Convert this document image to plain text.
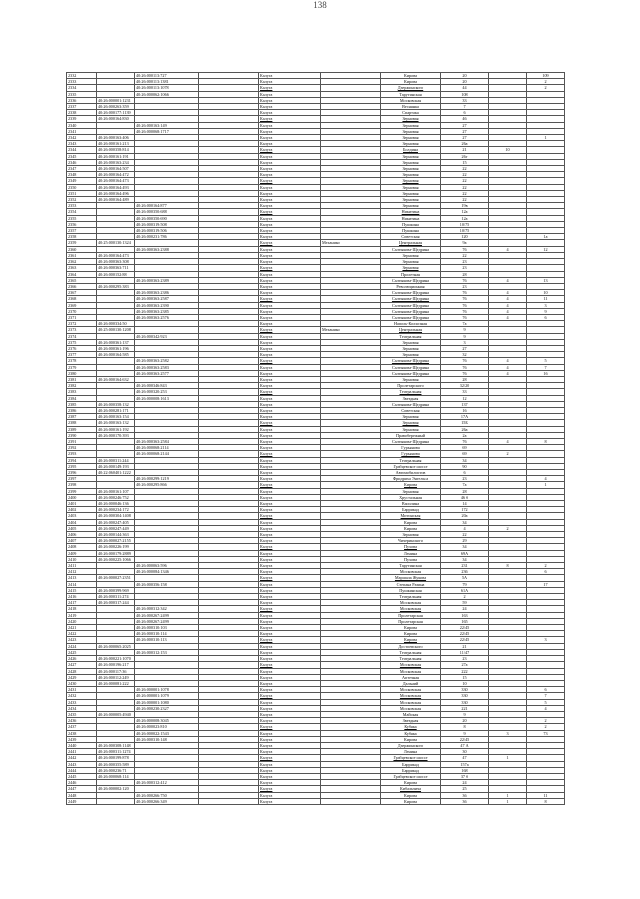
138
2332		40:26:000113:727		Калуга		Кирова	20		109
2333		40:26:000113:1381		Калуга		Кирова	20		2
2334		40:26:000113:1078		Калуга		Дзержинского	44		2
2335		40:26:000062:1066		Калуга		Тарутинская	108		
2336	40:26:000001:1231			Калуга		Московская	33		
2337	40:26:000263:359			Калуга		Веснянка	7		
2338	40:26:000177:1139			Калуга		Спартака	6		
2339	40:26:000164:830			Калуга		Зерновая	46		
2340		40:26:000163:149		Калуга		Зерновая	27		
2341		40:26:000068:1717		Калуга		Зерновая	27		
2342	40:26:000163:406			Калуга		Зерновая	27		1
2343	40:26:000161:213			Калуга		Зерновая	26а		
2344	40:26:000358:814			Калуга		Болдина	21	10	
2345	40:26:000161:191			Калуга		Зерновая	26г		
2346	40:26:000163:234			Калуга		Зерновая	15		
2347	40:26:000164:507			Калуга		Зерновая	22		
2348	40:26:000164:472			Калуга		Зерновая	22		
2349	40:26:000164:473			Калуга		Зерновая	22		
2350	40:26:000164:493			Калуга		Зерновая	22		
2351	40:26:000164:496			Калуга		Зерновая	22		
2352	40:26:000164:489			Калуга		Зерновая	22		
2353		40:26:000164:877		Калуга		Зерновая	19в		
2354		40:26:000350:688		Калуга		Никитина	12а		
2355		40:26:000350:690		Калуга		Никитина	12а		
2356		40:26:000319:508		Калуга		Пушкина	10/75		
2357		40:26:000319:506		Калуга		Пушкина	10/75		
2358		40:26:000231:786		Калуга		Советская	120		1а
2359	40:25:000130:1324			Калуга	Механико	Центральная	9а		
2360		40:26:000363:2388		Калуга		Салтыкова-Щедрина	76	4	12
2361	40:26:000164:473			Калуга		Зерновая	22		
2362	40:26:000363:308			Калуга		Зерновая	23		
2363	40:26:000363:711			Калуга		Зерновая	23		
2364	40:26:000152:88			Калуга		Пролетная	28		
2365		40:26:000363:2389		Калуга		Салтыкова-Щедрина	76	4	13
2366	40:26:000295:383			Калуга		Революционная	23		
2367		40:26:000363:2386		Калуга		Салтыкова-Щедрина	76	4	10
2368		40:26:000363:2587		Калуга		Салтыкова-Щедрина	76	4	11
2369		40:26:000363:2390		Калуга		Салтыкова-Щедрина	76	4	3
2370		40:26:000363:2385		Калуга		Салтыкова-Щедрина	76	4	9
2371		40:26:000363:2576		Калуга		Салтыкова-Щедрина	76	4	6
2372	40:26:000334:50			Калуга		Наполь-Колхозная	7а		
2373	40:25:000130:1208			Калуга	Механико	Центральная	9		
2374		40:26:000342:923		Калуга		Театральная	9		
2375	40:26:000361:137			Калуга		Зерновая	3		
2376	40:26:000361:196			Калуга		Зерновая	27		
2377	40:26:000164:585			Калуга		Зерновая	32		
2378		40:26:000363:2582		Калуга		Салтыкова-Щедрина	76	4	5
2379		40:26:000363:2583		Калуга		Салтыкова-Щедрина	76	4	7
2380		40:26:000363:2577		Калуга		Салтыкова-Щедрина	76	4	16
2381	40:26:000164:632			Калуга		Зерновая	28		
2382		40:26:000346:843		Калуга		Пролетарского	32/20		
2383		40:26:000320:253		Калуга		Театральная	33		
2384		40:26:000008:1613		Калуга		Звездная	12		
2385	40:26:000358:132			Калуга		Салтыкова-Щедрина	137		
2386	40:26:000281:171			Калуга		Советская	16		
2387	40:26:000163:154			Калуга		Зерновая	17А		
2388	40:26:000163:132			Калуга		Зерновая	15Б		
2389	40:26:000161:192			Калуга		Зерновая	26а		
2390	40:26:000170:393			Калуга		Правобережный	2а		
2391		40:26:000363:2584		Калуга		Салтыкова-Щедрина	76	4	8
2392		40:26:000068:2114		Калуга		Гурьянова	69		
2393		40:26:000068:2144		Калуга		Гурьянова	69	2	
2394	40:26:000311:244			Калуга		Театральная	34		
2395	40:26:000149:193			Калуга		Грабцевское шоссе	90		
2396	40:22:060401:1222			Калуга		Автомобилистов	6		
2397		40:26:000299:1219		Калуга		Фридриха Энгельса	23		4
2398		40:26:000295:866		Калуга		Кирова	7а		1
2399	40:26:000161:107			Калуга		Зерновая	28		
2400	40:26:000246:752			Калуга		Хрустальная	46 б		
2401	40:26:000046:136			Калуга		Василина	14		
2402	40:26:000234:172			Калуга		Баррикад	172		
2403	40:26:000304:1408			Калуга		Митинская	20а		
2404	40:26:000247:405			Калуга		Кирова	34		
2405	40:26:000247:449			Калуга		Кирова	4	2	
2406	40:26:000144:363			Калуга		Зерновая	22		
2407	40:26:000027:2155			Калуга		Чичеринского	29		
2408	40:26:000226:199			Калуга		Пухова	34		
2409	40:26:000179:2889			Калуга		Ленина	69А		
2410	40:26:000225:1066			Калуга		Пухова	34		
2411		40:26:000063:596		Калуга		Тарутинская	231	8	2
2412		40:26:000084:1346		Калуга		Московская	236		6
2413	40:26:000027:2351			Калуга		Маршала Жукова	5А		
2414		40:26:000356:158		Калуга		Степана Разина	79		17
2415	40:26:000399:969			Калуга		Пушкинская	61А		
2416	40:26:000311:274			Калуга		Театральная	2		
2417	40:26:000317:244			Калуга		Московская	59		
2418		40:26:000312:342		Калуга		Московская	24		
2419		40:26:000267:2499		Калуга		Пролетарская	163		
2420		40:26:000267:2499		Калуга		Пролетарская	165		
2421		40:26:000310:103		Калуга		Кирова	22/45		
2422		40:26:000310:114		Калуга		Кирова	22/45		
2423		40:26:000310:113		Калуга		Кирова	22/45		3
2424	40:26:000065:2025			Калуга		Достоевского	21		
2425		40:26:000312:153		Калуга		Театральная	11/47		
2426	40:26:000221:1070			Калуга		Театральная	23		
2427	40:26:000196:217			Калуга		Московская	27а		
2428	40:26:000117:36			Калуга		Московская	222		
2429	40:26:000112:249			Калуга		Аптечная	15		
2430	40:26:000081:222			Калуга		Дальний	10		
2431		40:26:000001:1078		Калуга		Московская	330		6
2432		40:26:000001:1079		Калуга		Московская	330		7
2433		40:26:000001:1080		Калуга		Московская	330		5
2434		40:26:000230:2327		Калуга		Московская	221		4
2435	40:26:000005:4940			Калуга		Майская	9		
2436		40:26:000008:3045		Калуга		Звездная	20		2
2437		40:26:000023:810		Калуга		Кубяка	8		2
2438		40:26:000022:1543		Калуга		Кубяка	9	3	73
2439		40:26:000310:148		Калуга		Кирова	22/45		
2440	40:26:000308:1148			Калуга		Дзержинского	47 А		
2441	40:26:000311:1274			Калуга		Ленина	30		
2442	40:26:000199:878			Калуга		Грабцевское шоссе	47	1	
2443	40:26:000355:589			Калуга		Баррикад	157а		
2444	40:26:000236:71			Калуга		Баррикад	168		
2445	40:26:000068:114			Калуга		Грабцевское шоссе	37 б		
2446		40:26:000312:412		Калуга		Кирова	24		
2447	40:26:000002:120			Калуга		Кибальчича	25		
2448		40:26:000266:750		Калуга		Кирова	36	1	11
2449		40:26:000266:349		Калуга		Кирова	36	1	8
